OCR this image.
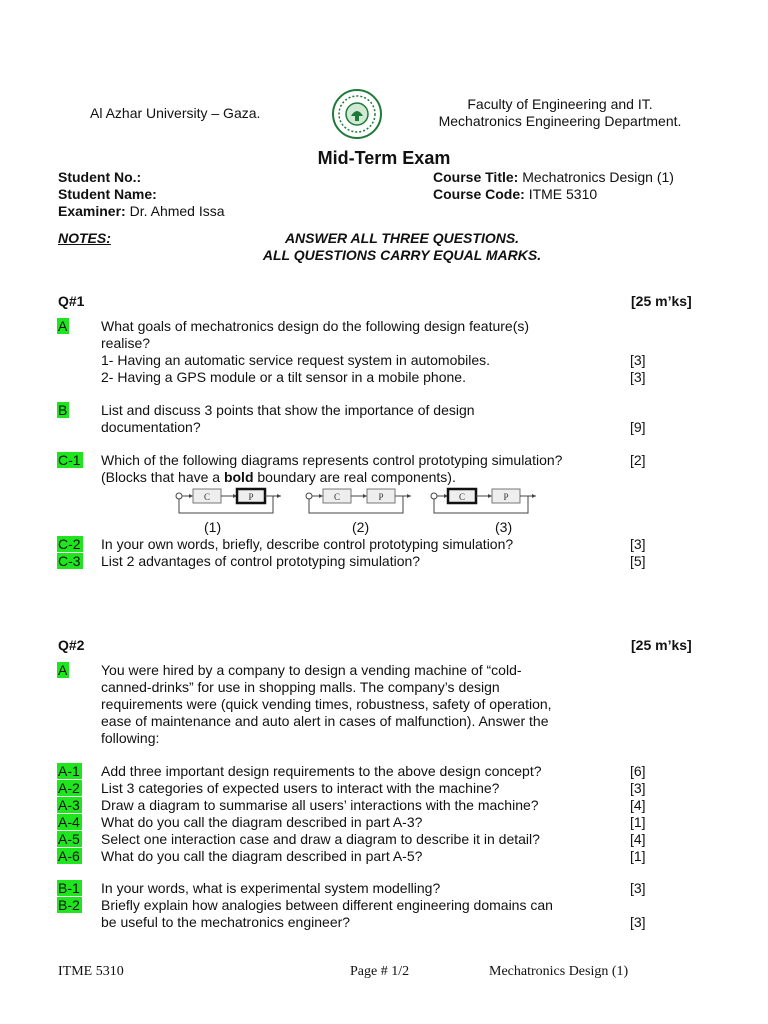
Al Azhar University – Gaza.
Faculty of Engineering and IT.
Mechatronics Engineering Department.
Mid-Term Exam
Student No.:
Student Name:
Examiner: Dr. Ahmed Issa
Course Title: Mechatronics Design (1)
Course Code: ITME 5310
NOTES:	ANSWER ALL THREE QUESTIONS.
ALL QUESTIONS CARRY EQUAL MARKS.
Q#1	[25 m’ks]
A What goals of mechatronics design do the following design feature(s)
realise?
1- Having an automatic service request system in automobiles.	[3]
2- Having a GPS module or a tilt sensor in a mobile phone.	[3]
B List and discuss 3 points that show the importance of design
documentation?	[9]
C-1 Which of the following diagrams represents control prototyping simulation?	[2]
(Blocks that have a bold boundary are real components).
C	P	C	P	C	P
(1)	(2)	(3)
C-2 In your own words, briefly, describe control prototyping simulation?	[3]
C-3 List 2 advantages of control prototyping simulation?	[5]
Q#2	[25 m’ks]
A You were hired by a company to design a vending machine of “cold-
canned-drinks” for use in shopping malls. The company’s design
requirements were (quick vending times, robustness, safety of operation,
ease of maintenance and auto alert in cases of malfunction). Answer the
following:
A-1 Add three important design requirements to the above design concept?	[6]
A-2 List 3 categories of expected users to interact with the machine?	[3]
A-3 Draw a diagram to summarise all users’ interactions with the machine?	[4]
A-4 What do you call the diagram described in part A-3?	[1]
A-5 Select one interaction case and draw a diagram to describe it in detail?	[4]
A-6 What do you call the diagram described in part A-5?	[1]
B-1 In your words, what is experimental system modelling?	[3]
B-2 Briefly explain how analogies between different engineering domains can
be useful to the mechatronics engineer?	[3]
ITME 5310	Page # 1/2	Mechatronics Design (1)
